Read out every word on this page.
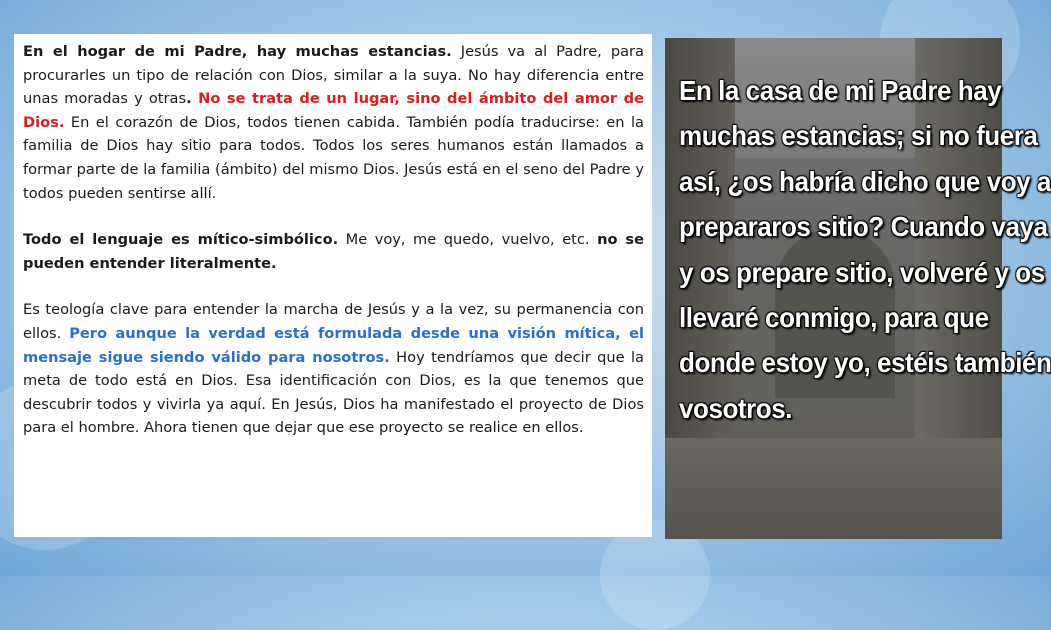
En el hogar de mi Padre, hay muchas estancias. Jesús va al Padre, para procurarles un tipo de relación con Dios, similar a la suya. No hay diferencia entre unas moradas y otras. No se trata de un lugar, sino del ámbito del amor de Dios. En el corazón de Dios, todos tienen cabida. También podía traducirse: en la familia de Dios hay sitio para todos. Todos los seres humanos están llamados a formar parte de la familia (ámbito) del mismo Dios. Jesús está en el seno del Padre y todos pueden sentirse allí.

Todo el lenguaje es mítico-simbólico. Me voy, me quedo, vuelvo, etc. no se pueden entender literalmente.

Es teología clave para entender la marcha de Jesús y a la vez, su permanencia con ellos. Pero aunque la verdad está formulada desde una visión mítica, el mensaje sigue siendo válido para nosotros. Hoy tendríamos que decir que la meta de todo está en Dios. Esa identificación con Dios, es la que tenemos que descubrir todos y vivirla ya aquí. En Jesús, Dios ha manifestado el proyecto de Dios para el hombre. Ahora tienen que dejar que ese proyecto se realice en ellos.

En la casa de mi Padre hay
muchas estancias; si no fuera
así, ¿os habría dicho que voy a
prepararos sitio? Cuando vaya
y os prepare sitio, volveré y os
llevaré conmigo, para que
donde estoy yo, estéis también
vosotros.
